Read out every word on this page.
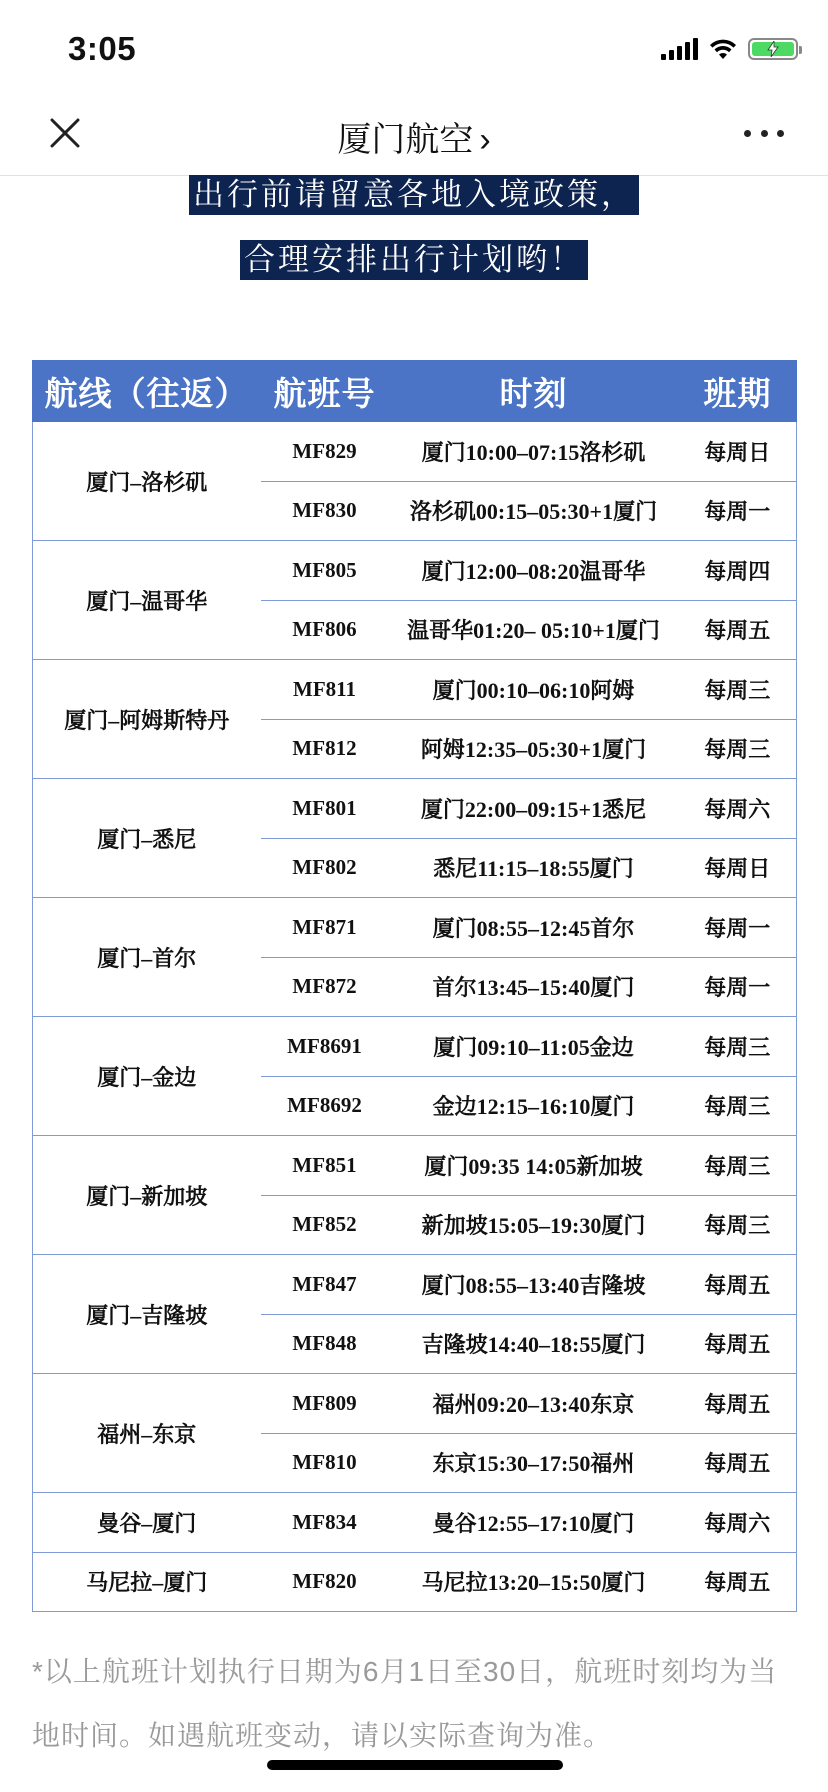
3:05
厦门航空 ›
出行前请留意各地入境政策，
合理安排出行计划哟！
航线（往返）	航班号	时刻	班期
厦门–洛杉矶	MF829	厦门10:00–07:15洛杉矶	每周日
	MF830	洛杉矶00:15–05:30+1厦门	每周一
厦门–温哥华	MF805	厦门12:00–08:20温哥华	每周四
	MF806	温哥华01:20– 05:10+1厦门	每周五
厦门–阿姆斯特丹	MF811	厦门00:10–06:10阿姆	每周三
	MF812	阿姆12:35–05:30+1厦门	每周三
厦门–悉尼	MF801	厦门22:00–09:15+1悉尼	每周六
	MF802	悉尼11:15–18:55厦门	每周日
厦门–首尔	MF871	厦门08:55–12:45首尔	每周一
	MF872	首尔13:45–15:40厦门	每周一
厦门–金边	MF8691	厦门09:10–11:05金边	每周三
	MF8692	金边12:15–16:10厦门	每周三
厦门–新加坡	MF851	厦门09:35 14:05新加坡	每周三
	MF852	新加坡15:05–19:30厦门	每周三
厦门–吉隆坡	MF847	厦门08:55–13:40吉隆坡	每周五
	MF848	吉隆坡14:40–18:55厦门	每周五
福州–东京	MF809	福州09:20–13:40东京	每周五
	MF810	东京15:30–17:50福州	每周五
曼谷–厦门	MF834	曼谷12:55–17:10厦门	每周六
马尼拉–厦门	MF820	马尼拉13:20–15:50厦门	每周五
*以上航班计划执行日期为6月1日至30日，航班时刻均为当地时间。如遇航班变动，请以实际查询为准。
